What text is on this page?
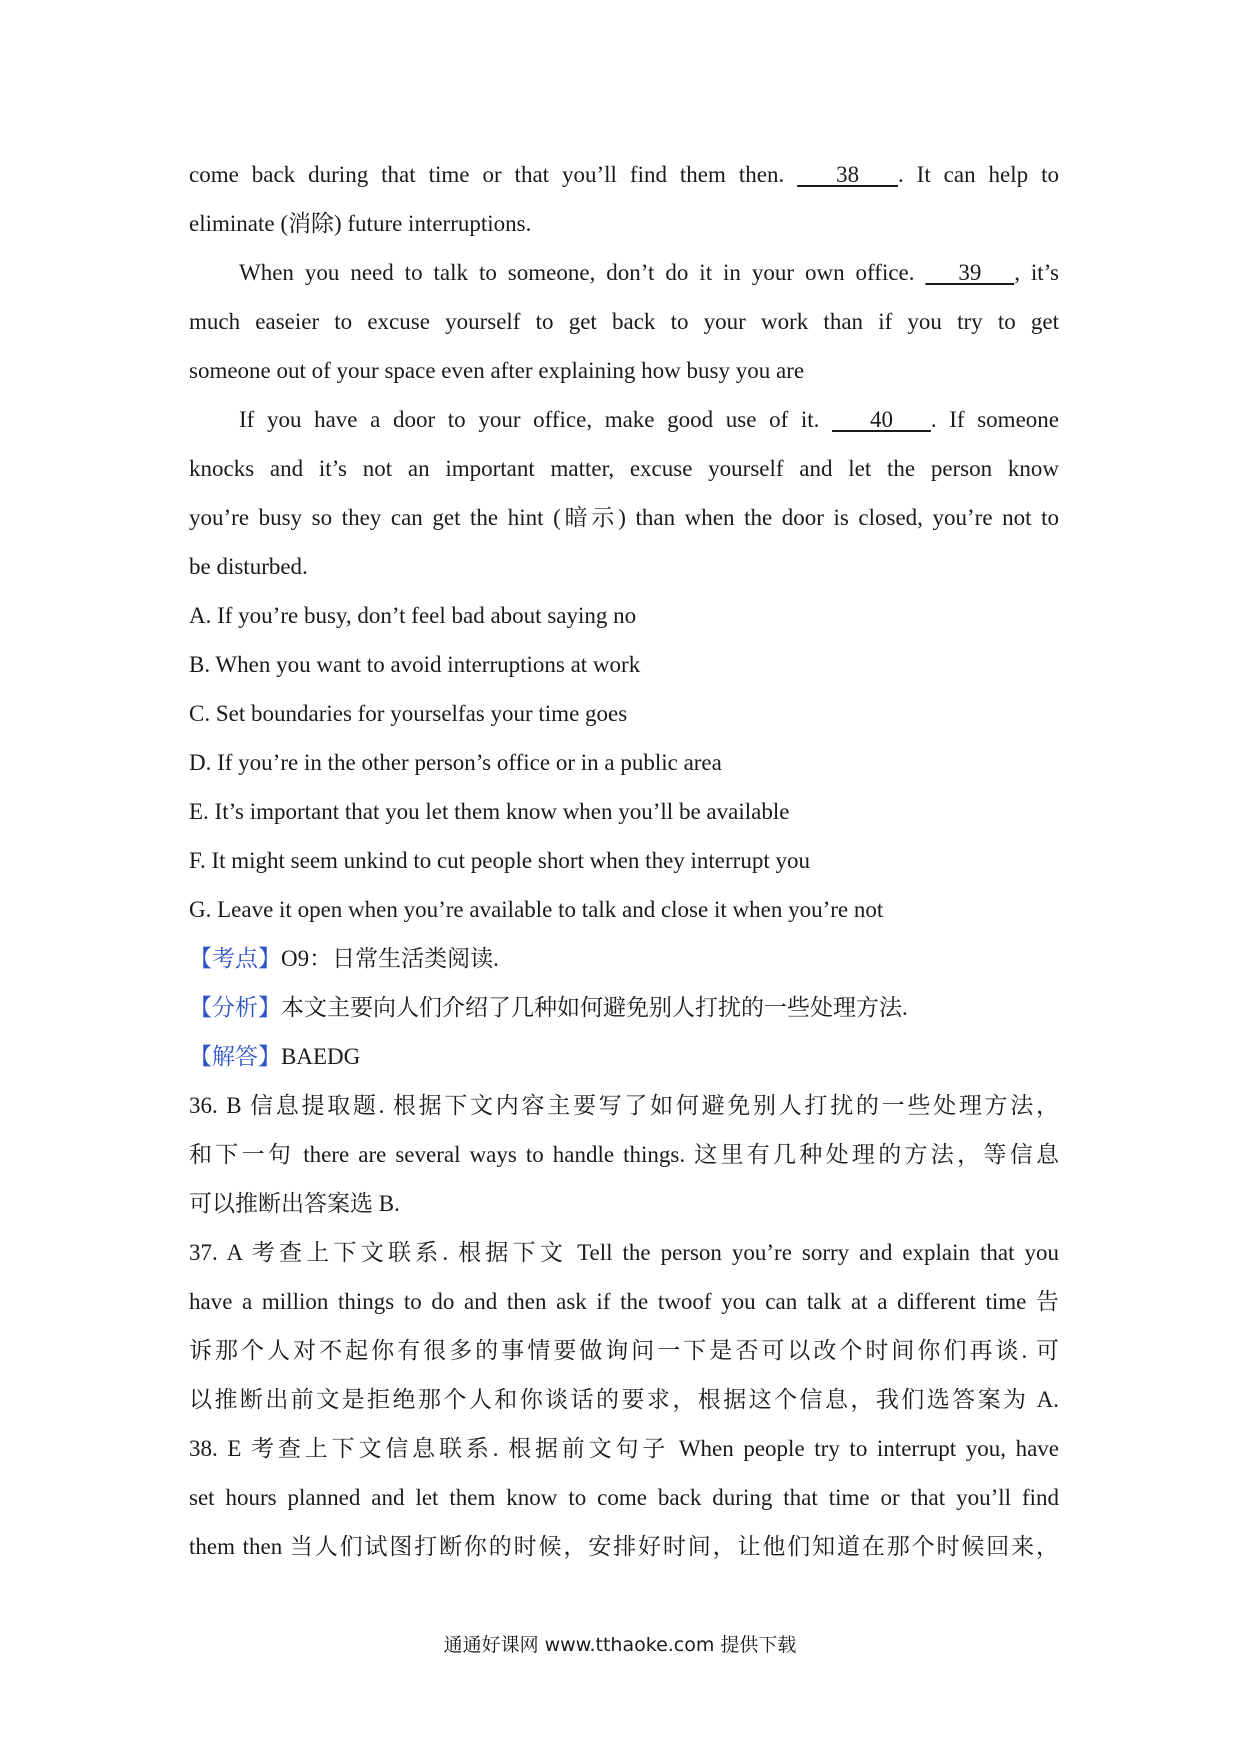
come back during that time or that you’ll find them then.    38   . It can help to
eliminate (消除) future interruptions.
When you need to talk to someone, don’t do it in your own office.    39   , it’s
much easeier to excuse yourself to get back to your work than if you try to get
someone out of your space even after explaining how busy you are
If you have a door to your office, make good use of it.    40   . If someone
knocks and it’s not an important matter, excuse yourself and let the person know
you’re busy so they can get the hint (暗示) than when the door is closed, you’re not to
be disturbed.
A. If you’re busy, don’t feel bad about saying no
B. When you want to avoid interruptions at work
C. Set boundaries for yourselfas your time goes
D. If you’re in the other person’s office or in a public area
E. It’s important that you let them know when you’ll be available
F. It might seem unkind to cut people short when they interrupt you
G. Leave it open when you’re available to talk and close it when you’re not
【考点】O9：日常生活类阅读.
【分析】本文主要向人们介绍了几种如何避免别人打扰的一些处理方法.
【解答】BAEDG
36. B 信息提取题. 根据下文内容主要写了如何避免别人打扰的一些处理方法，
和下一句 there are several ways to handle things. 这里有几种处理的方法，等信息
可以推断出答案选 B.
37. A 考查上下文联系. 根据下文 Tell the person you’re sorry and explain that you
have a million things to do and then ask if the twoof you can talk at a different time 告
诉那个人对不起你有很多的事情要做询问一下是否可以改个时间你们再谈. 可
以推断出前文是拒绝那个人和你谈话的要求，根据这个信息，我们选答案为 A.
38. E 考查上下文信息联系. 根据前文句子 When people try to interrupt you, have
set hours planned and let them know to come back during that time or that you’ll find
them then 当人们试图打断你的时候，安排好时间，让他们知道在那个时候回来，
通通好课网 www.tthaoke.com 提供下载
